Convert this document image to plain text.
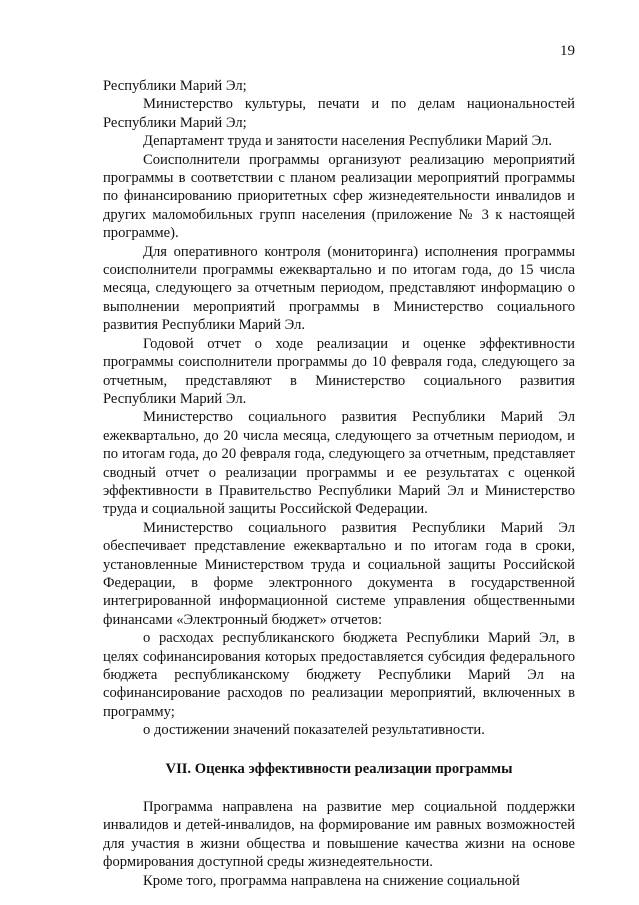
19

Республики Марий Эл;

Министерство культуры, печати и по делам национальностей Республики Марий Эл;

Департамент труда и занятости населения Республики Марий Эл.

Соисполнители программы организуют реализацию мероприятий программы в соответствии с планом реализации мероприятий программы по финансированию приоритетных сфер жизнедеятельности инвалидов и других маломобильных групп населения (приложение № 3 к настоящей программе).

Для оперативного контроля (мониторинга) исполнения программы соисполнители программы ежеквартально и по итогам года, до 15 числа месяца, следующего за отчетным периодом, представляют информацию о выполнении мероприятий программы в Министерство социального развития Республики Марий Эл.

Годовой отчет о ходе реализации и оценке эффективности программы соисполнители программы до 10 февраля года, следующего за отчетным, представляют в Министерство социального развития Республики Марий Эл.

Министерство социального развития Республики Марий Эл ежеквартально, до 20 числа месяца, следующего за отчетным периодом, и по итогам года, до 20 февраля года, следующего за отчетным, представляет сводный отчет о реализации программы и ее результатах с оценкой эффективности в Правительство Республики Марий Эл и Министерство труда и социальной защиты Российской Федерации.

Министерство социального развития Республики Марий Эл обеспечивает представление ежеквартально и по итогам года в сроки, установленные Министерством труда и социальной защиты Российской Федерации, в форме электронного документа в государственной интегрированной информационной системе управления общественными финансами «Электронный бюджет» отчетов:

о расходах республиканского бюджета Республики Марий Эл, в целях софинансирования которых предоставляется субсидия федерального бюджета республиканскому бюджету Республики Марий Эл на софинансирование расходов по реализации мероприятий, включенных в программу;

о достижении значений показателей результативности.

VII. Оценка эффективности реализации программы

Программа направлена на развитие мер социальной поддержки инвалидов и детей-инвалидов, на формирование им равных возможностей для участия в жизни общества и повышение качества жизни на основе формирования доступной среды жизнедеятельности.

Кроме того, программа направлена на снижение социальной
